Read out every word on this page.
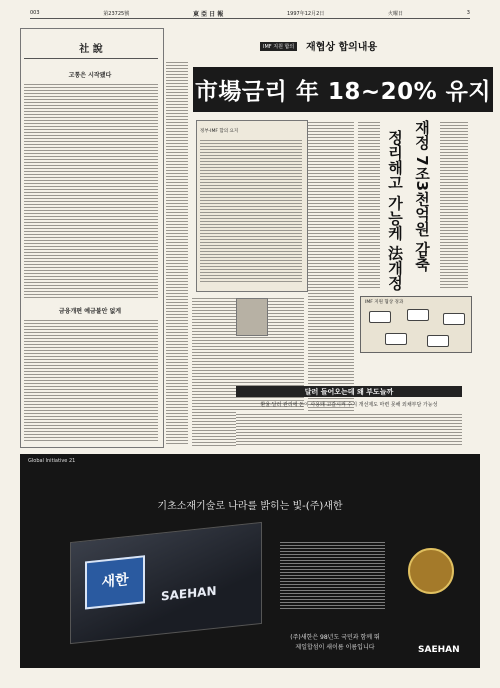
003	第23725號	東 亞 日 報	1997年12月2日	火曜日	3
社 說
고통은 시작됐다
금융개편 예금불안 없게
IMF 지원 합의	재협상 합의내용
市場금리 年 18~20% 유지
정부·IMF 합의 요지	재정 7조3천억원 감축
정리해고 가능케 法개정
IMF 지원 협상 경과
달러 들어오는데 왜 부도늘까
환율·달러 관리에 돈이 사용돼 고갈시켜 수지 개선제도 마련 못해 외채부담 가능성
Global Initiative 21
기초소재기술로 나라를 밝히는 빛-(주)새한
새한
SAEHAN
(주)새한은 98년도 국민과 함께 뛰
제일합섬이 새이름 이름입니다	SAEHAN
